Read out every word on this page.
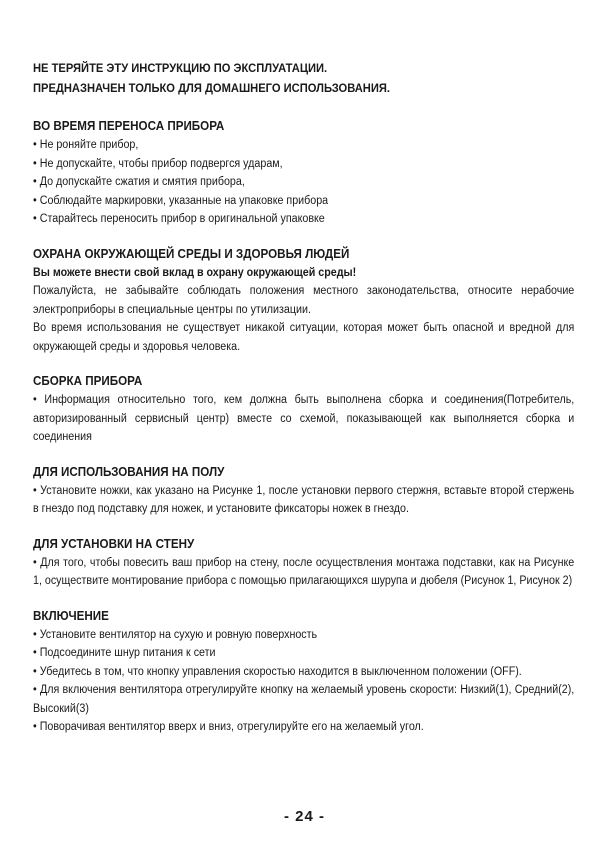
НЕ ТЕРЯЙТЕ ЭТУ ИНСТРУКЦИЮ ПО ЭКСПЛУАТАЦИИ.
ПРЕДНАЗНАЧЕН ТОЛЬКО ДЛЯ ДОМАШНЕГО ИСПОЛЬЗОВАНИЯ.
ВО ВРЕМЯ ПЕРЕНОСА ПРИБОРА
• Не роняйте прибор,
• Не допускайте, чтобы прибор подвергся ударам,
• До допускайте сжатия и смятия прибора,
• Соблюдайте маркировки, указанные на упаковке прибора
• Старайтесь переносить прибор в оригинальной упаковке
ОХРАНА ОКРУЖАЮЩЕЙ СРЕДЫ И ЗДОРОВЬЯ ЛЮДЕЙ
Вы можете внести свой вклад в охрану окружающей среды!
Пожалуйста, не забывайте соблюдать положения местного законодательства, относите нерабочие электроприборы в специальные центры по утилизации.
Во время использования не существует никакой ситуации, которая может быть опасной и вредной для окружающей среды и здоровья человека.
СБОРКА ПРИБОРА
• Информация относительно того, кем должна быть выполнена сборка и соединения(Потребитель, авторизированный сервисный центр) вместе со схемой, показывающей как выполняется сборка и соединения
ДЛЯ ИСПОЛЬЗОВАНИЯ НА ПОЛУ
• Установите ножки, как указано на Рисунке 1, после установки первого стержня, вставьте второй стержень в гнездо под подставку для ножек, и установите фиксаторы ножек в гнездо.
ДЛЯ УСТАНОВКИ НА СТЕНУ
• Для того, чтобы повесить ваш прибор на стену, после осуществления монтажа подставки, как на Рисунке 1, осуществите монтирование прибора с помощью прилагающихся шурупа и дюбеля (Рисунок 1, Рисунок 2)
ВКЛЮЧЕНИЕ
• Установите вентилятор на сухую и ровную поверхность
• Подсоедините шнур питания к сети
• Убедитесь в том, что кнопку управления скоростью находится в выключенном положении (OFF).
• Для включения вентилятора отрегулируйте кнопку на желаемый уровень скорости: Низкий(1), Средний(2), Высокий(3)
• Поворачивая вентилятор вверх и вниз, отрегулируйте его на желаемый угол.
- 24 -
